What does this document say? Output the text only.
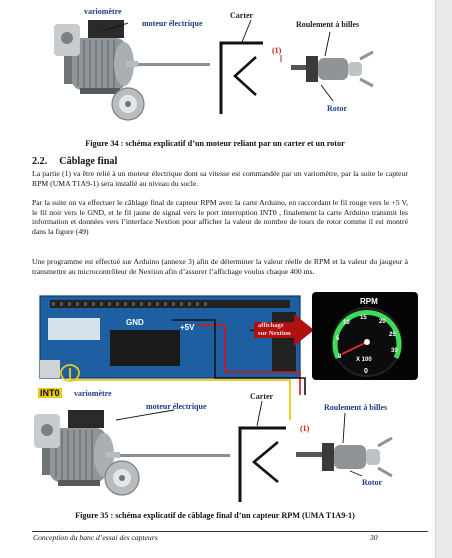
variomètre
moteur électrique
Carter
Roulement à billes
(1)
Rotor
Figure 34 : schéma explicatif d’un moteur reliant par un carter et un rotor
2.2. Câblage final

La partie (1) va être relié à un moteur électrique dont sa vitesse est commandée par un variomètre, par la suite le capteur RPM (UMA T1A9-1) sera installé au niveau du socle.

Par la suite on va effectuer le câblage final de capteur RPM avec la carte Arduino, en raccordant le fil rouge vers le +5 V, le fil noir vers le GND, et le fil jaune de signal vers le port interruption INT0 , finalement la carte Arduino transmit les information et données vers l’interface Nextion pour afficher la valeur de nombre de tours de rotor comme il est montré dans la figure (49)

Une programme est effectué sur Arduino (annexe 3) afin de déterminer la valeur réelle de RPM et la valeur du jaugeur à transmettre au microcontrôleur de Nextion afin d’assurer l’affichage voulus chaque 400 ms.

RPM
0
5
10
15
20
25
30
X 100
0
GND
+5V	affichage
sur Nextion
INT0 variomètre
moteur électrique
Carter
Roulement à billes
(1)
Rotor
Figure 35 : schéma explicatif de câblage final d’un capteur RPM (UMA T1A9-1)
Conception du banc d’essai des capteurs	30
